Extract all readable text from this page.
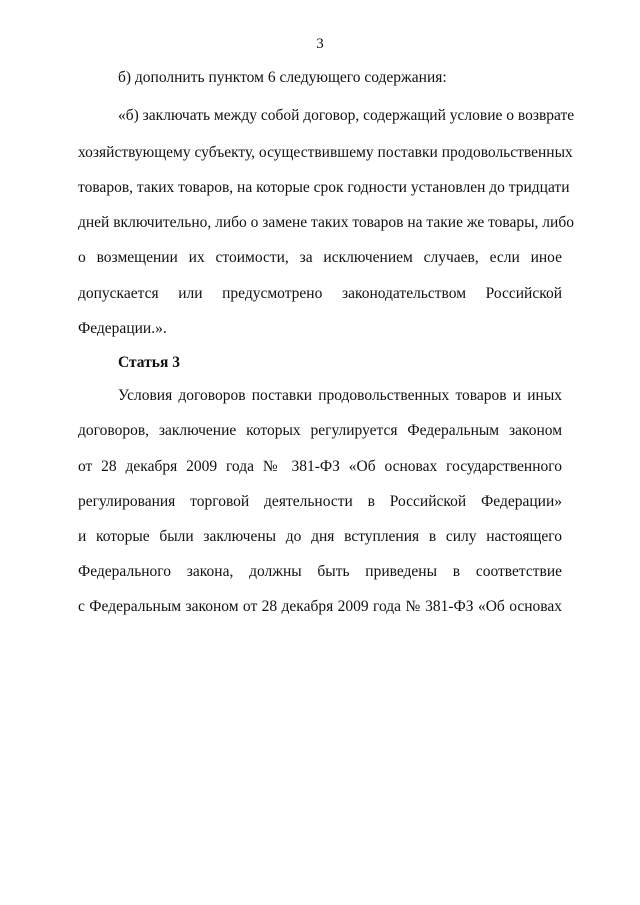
3
б) дополнить пунктом 6 следующего содержания:
«б) заключать между собой договор, содержащий условие о возврате
хозяйствующему субъекту, осуществившему поставки продовольственных
товаров, таких товаров, на которые срок годности установлен до тридцати
дней включительно, либо о замене таких товаров на такие же товары, либо
о возмещении их стоимости, за исключением случаев, если иное
допускается или предусмотрено законодательством Российской
Федерации.».
Статья 3
Условия договоров поставки продовольственных товаров и иных
договоров, заключение которых регулируется Федеральным законом
от 28 декабря 2009 года № 381-ФЗ «Об основах государственного
регулирования торговой деятельности в Российской Федерации»
и которые были заключены до дня вступления в силу настоящего
Федерального закона, должны быть приведены в соответствие
с Федеральным законом от 28 декабря 2009 года № 381-ФЗ «Об основах
